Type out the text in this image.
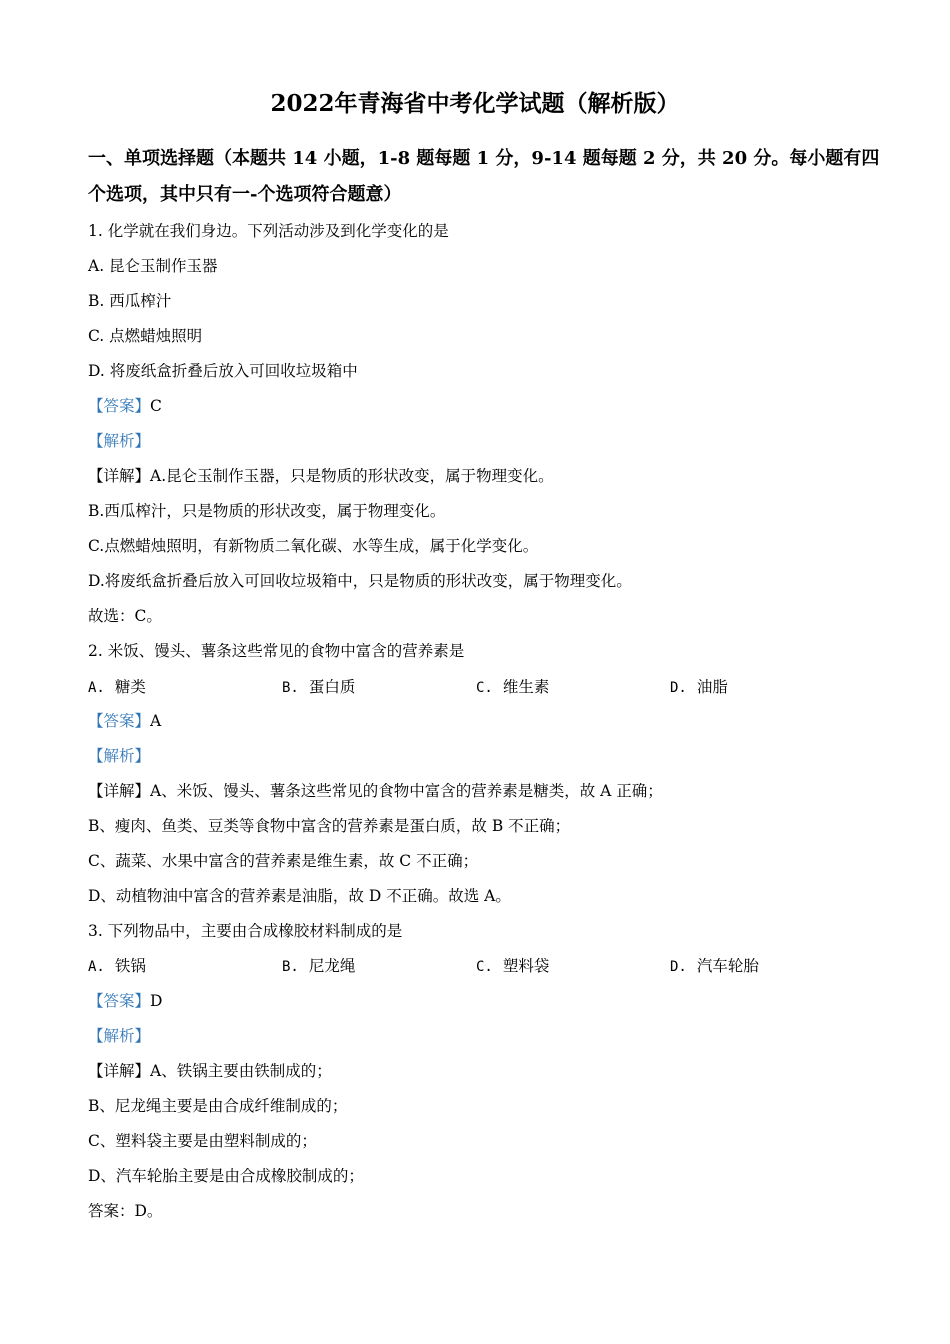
2022年青海省中考化学试题（解析版）
一、单项选择题（本题共 14 小题，1-8 题每题 1 分，9-14 题每题 2 分，共 20 分。每小题有四
个选项，其中只有一-个选项符合题意）
1. 化学就在我们身边。下列活动涉及到化学变化的是
A. 昆仑玉制作玉器
B. 西瓜榨汁
C. 点燃蜡烛照明
D. 将废纸盒折叠后放入可回收垃圾箱中
【答案】C
【解析】
【详解】A.昆仑玉制作玉器，只是物质的形状改变，属于物理变化。
B.西瓜榨汁，只是物质的形状改变，属于物理变化。
C.点燃蜡烛照明，有新物质二氧化碳、水等生成，属于化学变化。
D.将废纸盒折叠后放入可回收垃圾箱中，只是物质的形状改变，属于物理变化。
故选：C。
2. 米饭、馒头、薯条这些常见的食物中富含的营养素是
A. 糖类	B. 蛋白质	C. 维生素	D. 油脂
【答案】A
【解析】
【详解】A、米饭、馒头、薯条这些常见的食物中富含的营养素是糖类，故 A 正确；
B、瘦肉、鱼类、豆类等食物中富含的营养素是蛋白质，故 B 不正确；
C、蔬菜、水果中富含的营养素是维生素，故 C 不正确；
D、动植物油中富含的营养素是油脂，故 D 不正确。故选 A。
3. 下列物品中，主要由合成橡胶材料制成的是
A. 铁锅	B. 尼龙绳	C. 塑料袋	D. 汽车轮胎
【答案】D
【解析】
【详解】A、铁锅主要由铁制成的；
B、尼龙绳主要是由合成纤维制成的；
C、塑料袋主要是由塑料制成的；
D、汽车轮胎主要是由合成橡胶制成的；
答案：D。
